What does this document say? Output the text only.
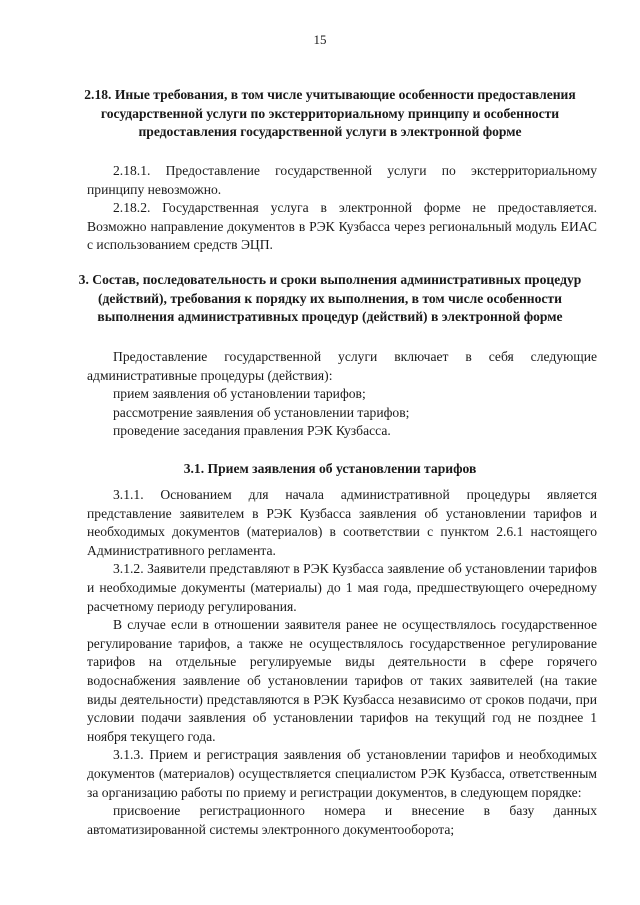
15
2.18. Иные требования, в том числе учитывающие особенности предоставления государственной услуги по экстерриториальному принципу и особенности предоставления государственной услуги в электронной форме

2.18.1. Предоставление государственной услуги по экстерриториальному принципу невозможно.

2.18.2. Государственная услуга в электронной форме не предоставляется. Возможно направление документов в РЭК Кузбасса через региональный модуль ЕИАС с использованием средств ЭЦП.

3. Состав, последовательность и сроки выполнения административных процедур (действий), требования к порядку их выполнения, в том числе особенности выполнения административных процедур (действий) в электронной форме

Предоставление государственной услуги включает в себя следующие административные процедуры (действия):

прием заявления об установлении тарифов;

рассмотрение заявления об установлении тарифов;

проведение заседания правления РЭК Кузбасса.

3.1. Прием заявления об установлении тарифов

3.1.1. Основанием для начала административной процедуры является представление заявителем в РЭК Кузбасса заявления об установлении тарифов и необходимых документов (материалов) в соответствии с пунктом 2.6.1 настоящего Административного регламента.

3.1.2. Заявители представляют в РЭК Кузбасса заявление об установлении тарифов и необходимые документы (материалы) до 1 мая года, предшествующего очередному расчетному периоду регулирования.

В случае если в отношении заявителя ранее не осуществлялось государственное регулирование тарифов, а также не осуществлялось государственное регулирование тарифов на отдельные регулируемые виды деятельности в сфере горячего водоснабжения заявление об установлении тарифов от таких заявителей (на такие виды деятельности) представляются в РЭК Кузбасса независимо от сроков подачи, при условии подачи заявления об установлении тарифов на текущий год не позднее 1 ноября текущего года.

3.1.3. Прием и регистрация заявления об установлении тарифов и необходимых документов (материалов) осуществляется специалистом РЭК Кузбасса, ответственным за организацию работы по приему и регистрации документов, в следующем порядке:

присвоение регистрационного номера и внесение в базу данных автоматизированной системы электронного документооборота;
